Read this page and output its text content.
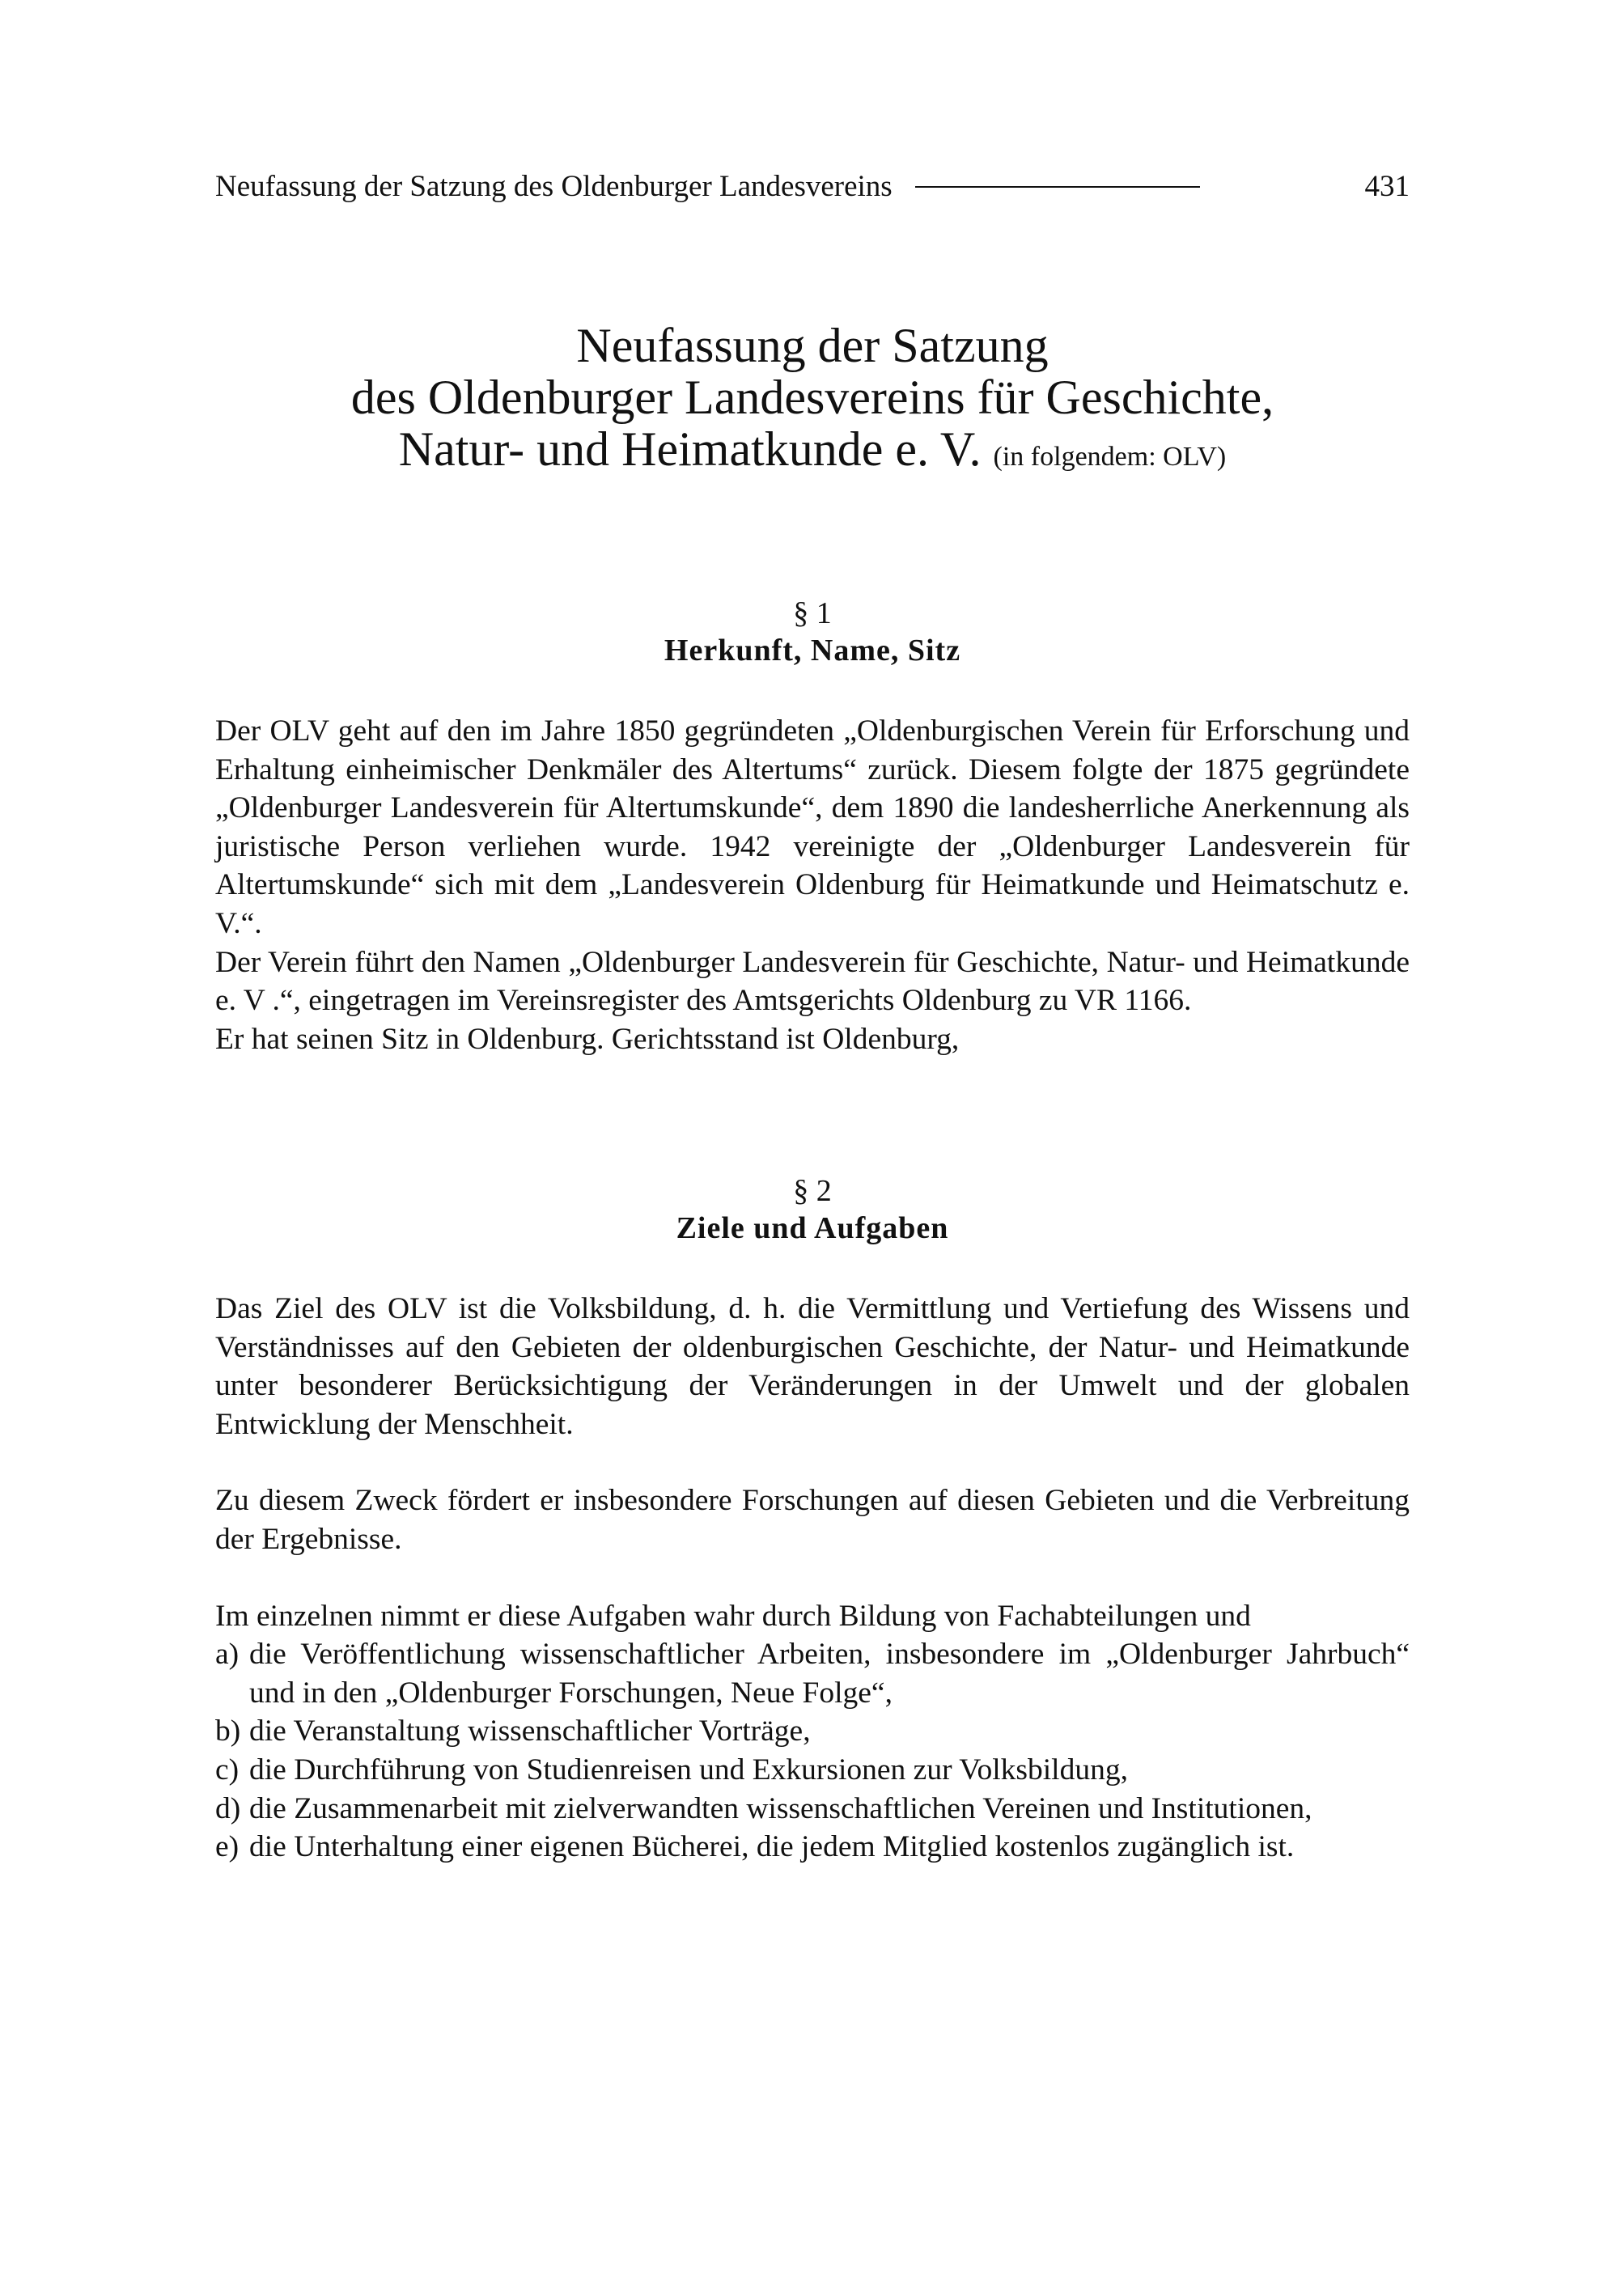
Neufassung der Satzung des Oldenburger Landesvereins	431
Neufassung der Satzung
des Oldenburger Landesvereins für Geschichte,
Natur- und Heimatkunde e. V. (in folgendem: OLV)

§ 1

Herkunft, Name, Sitz

Der OLV geht auf den im Jahre 1850 gegründeten „Oldenburgischen Verein für Erforschung und Erhaltung einheimischer Denkmäler des Altertums“ zurück. Diesem folgte der 1875 gegründete „Oldenburger Landesverein für Altertumskunde“, dem 1890 die landesherrliche Anerkennung als juristische Person verliehen wurde. 1942 vereinigte der „Oldenburger Landesverein für Altertumskunde“ sich mit dem „Landesverein Oldenburg für Heimatkunde und Heimatschutz e. V.“.

Der Verein führt den Namen „Oldenburger Landesverein für Geschichte, Natur- und Heimatkunde e. V .“, eingetragen im Vereinsregister des Amtsgerichts Oldenburg zu VR 1166.

Er hat seinen Sitz in Oldenburg. Gerichtsstand ist Oldenburg,

§ 2

Ziele und Aufgaben

Das Ziel des OLV ist die Volksbildung, d. h. die Vermittlung und Vertiefung des Wissens und Verständnisses auf den Gebieten der oldenburgischen Geschichte, der Natur- und Heimatkunde unter besonderer Berücksichtigung der Veränderungen in der Umwelt und der globalen Entwicklung der Menschheit.

Zu diesem Zweck fördert er insbesondere Forschungen auf diesen Gebieten und die Verbreitung der Ergebnisse.

Im einzelnen nimmt er diese Aufgaben wahr durch Bildung von Fachabteilungen und

a) die Veröffentlichung wissenschaftlicher Arbeiten, insbesondere im „Oldenburger Jahrbuch“ und in den „Oldenburger Forschungen, Neue Folge“,
b) die Veranstaltung wissenschaftlicher Vorträge,
c) die Durchführung von Studienreisen und Exkursionen zur Volksbildung,
d) die Zusammenarbeit mit zielverwandten wissenschaftlichen Vereinen und Institutionen,
e) die Unterhaltung einer eigenen Bücherei, die jedem Mitglied kostenlos zugänglich ist.
